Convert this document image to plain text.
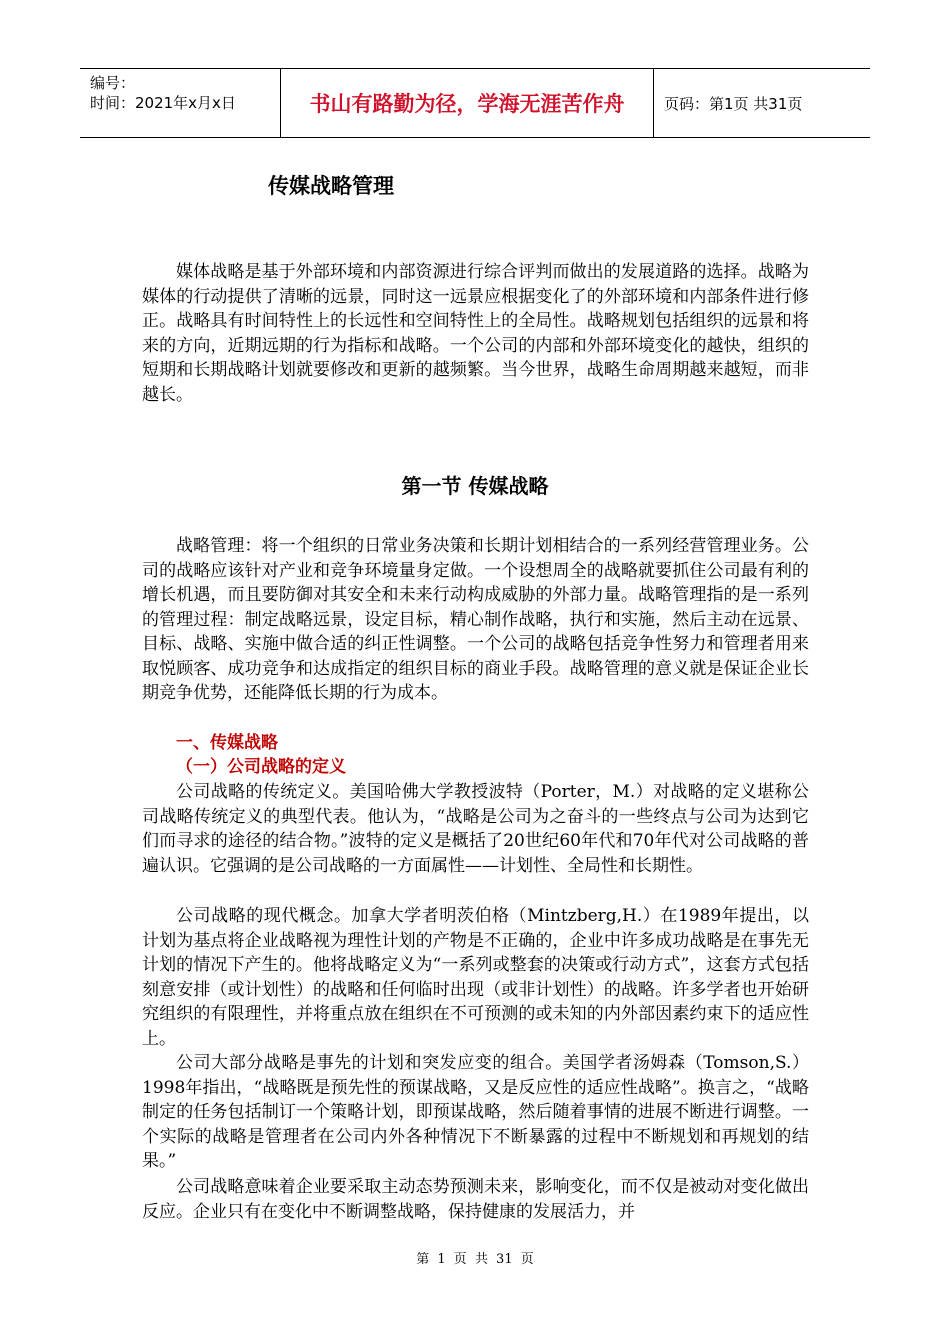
编号：
时间：2021年x月x日	书山有路勤为径，学海无涯苦作舟	页码：第1页 共31页
传媒战略管理

媒体战略是基于外部环境和内部资源进行综合评判而做出的发展道路的选择。战略为媒体的行动提供了清晰的远景，同时这一远景应根据变化了的外部环境和内部条件进行修正。战略具有时间特性上的长远性和空间特性上的全局性。战略规划包括组织的远景和将来的方向，近期远期的行为指标和战略。一个公司的内部和外部环境变化的越快，组织的短期和长期战略计划就要修改和更新的越频繁。当今世界，战略生命周期越来越短，而非越长。

第一节 传媒战略

战略管理：将一个组织的日常业务决策和长期计划相结合的一系列经营管理业务。公司的战略应该针对产业和竞争环境量身定做。一个设想周全的战略就要抓住公司最有利的增长机遇，而且要防御对其安全和未来行动构成威胁的外部力量。战略管理指的是一系列的管理过程：制定战略远景，设定目标，精心制作战略，执行和实施，然后主动在远景、目标、战略、实施中做合适的纠正性调整。一个公司的战略包括竞争性努力和管理者用来取悦顾客、成功竞争和达成指定的组织目标的商业手段。战略管理的意义就是保证企业长期竞争优势，还能降低长期的行为成本。

一、传媒战略
（一）公司战略的定义

公司战略的传统定义。美国哈佛大学教授波特（Porter，M.）对战略的定义堪称公司战略传统定义的典型代表。他认为，“战略是公司为之奋斗的一些终点与公司为达到它们而寻求的途径的结合物。”波特的定义是概括了20世纪60年代和70年代对公司战略的普遍认识。它强调的是公司战略的一方面属性——计划性、全局性和长期性。

公司战略的现代概念。加拿大学者明茨伯格（Mintzberg,H.）在1989年提出，以计划为基点将企业战略视为理性计划的产物是不正确的，企业中许多成功战略是在事先无计划的情况下产生的。他将战略定义为“一系列或整套的决策或行动方式”，这套方式包括刻意安排（或计划性）的战略和任何临时出现（或非计划性）的战略。许多学者也开始研究组织的有限理性，并将重点放在组织在不可预测的或未知的内外部因素约束下的适应性上。

公司大部分战略是事先的计划和突发应变的组合。美国学者汤姆森（Tomson,S.）1998年指出，“战略既是预先性的预谋战略，又是反应性的适应性战略”。换言之，“战略制定的任务包括制订一个策略计划，即预谋战略，然后随着事情的进展不断进行调整。一个实际的战略是管理者在公司内外各种情况下不断暴露的过程中不断规划和再规划的结果。”

公司战略意味着企业要采取主动态势预测未来，影响变化，而不仅是被动对变化做出反应。企业只有在变化中不断调整战略，保持健康的发展活力，并

第 1 页 共 31 页
